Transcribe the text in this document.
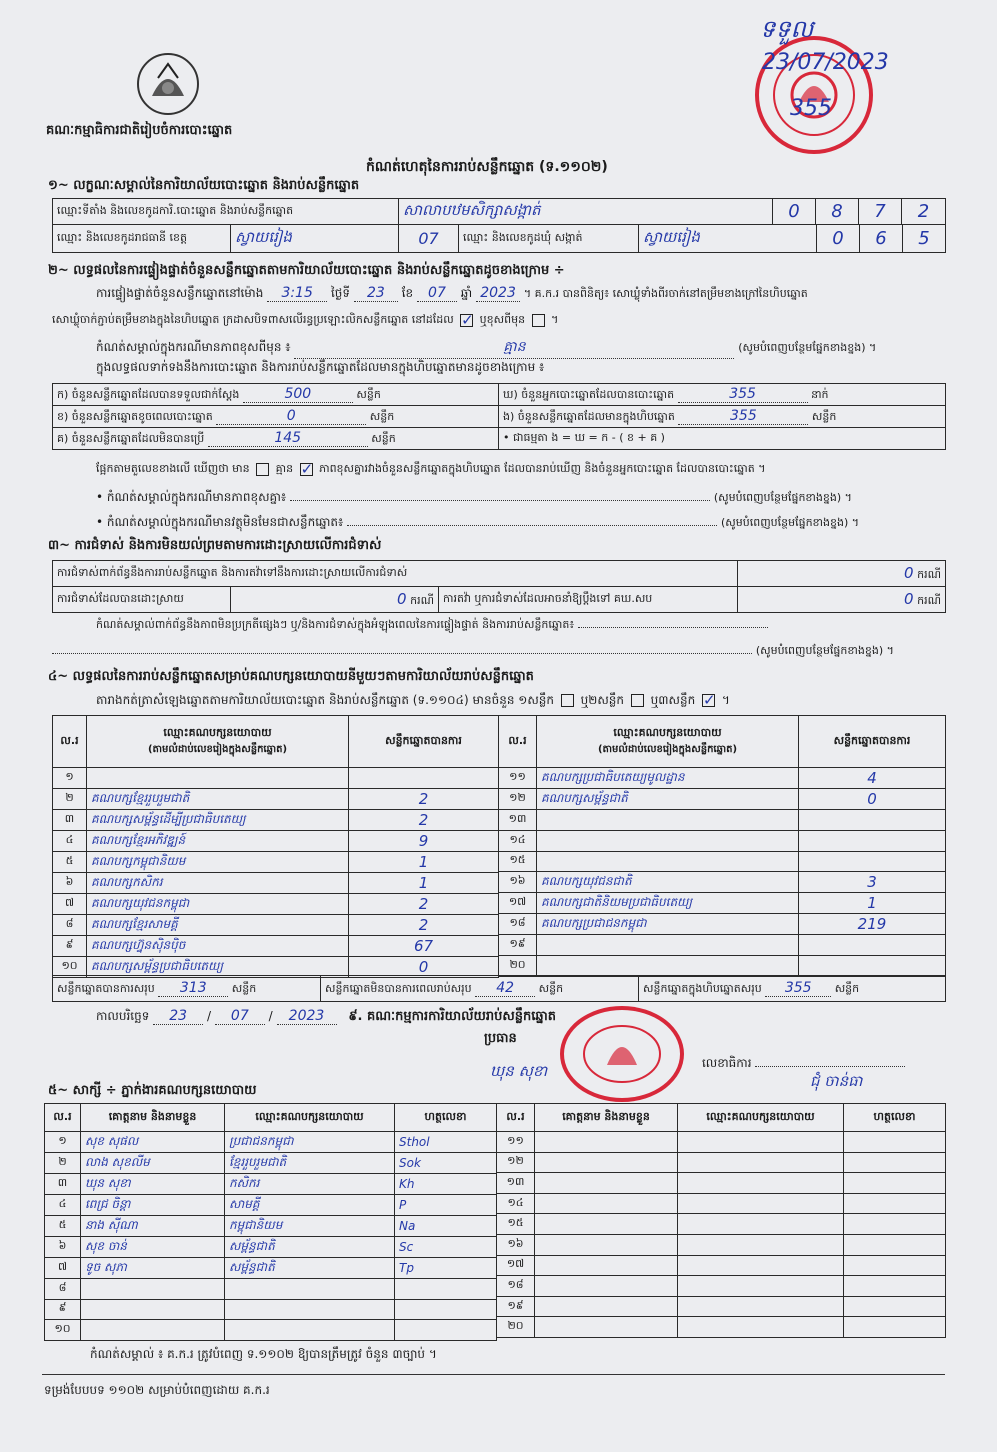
គណៈកម្មាធិការជាតិរៀបចំការបោះឆ្នោត
ទទួល
23/07/2023
355
កំណត់ហេតុនៃការរាប់សន្លឹកឆ្នោត (ទ.១១០២)
១~ លក្ខណៈសម្គាល់នៃការិយាល័យបោះឆ្នោត និងរាប់សន្លឹកឆ្នោត
ឈ្មោះទីតាំង និងលេខកូដការិ.បោះឆ្នោត និងរាប់សន្លឹកឆ្នោត	សាលាបឋមសិក្សាសង្កាត់	0	8	7	2
ឈ្មោះ និងលេខកូដរាជធានី ខេត្ត	ស្វាយរៀង	07	ឈ្មោះ និងលេខកូដឃុំ សង្កាត់	ស្វាយរៀង	0	6	5
២~ លទ្ធផលនៃការផ្ទៀងផ្ទាត់ចំនួនសន្លឹកឆ្នោតតាមការិយាល័យបោះឆ្នោត និងរាប់សន្លឹកឆ្នោតដូចខាងក្រោម ÷
ការផ្ទៀងផ្ទាត់ចំនួនសន្លឹកឆ្នោតនៅម៉ោង 3:15 ថ្ងៃទី 23 ខែ 07 ឆ្នាំ 2023 ។ គ.ក.រ បានពិនិត្យ៖ សោឃ្លុំទាំងពីរចាក់នៅតម្រឹមខាងក្រៅនៃហិបឆ្នោត
សោឃ្លុំចាក់ភ្ជាប់តម្រឹមខាងក្នុងនៃហិបឆ្នោត ក្រដាសបិទពាសលើរន្ធប្រឡោះលិកសន្លឹកឆ្នោត នៅដដែល ✓ ឬខុសពីមុន ។
កំណត់សម្គាល់ក្នុងករណីមានភាពខុសពីមុន ៖	គ្មាន	(សូមបំពេញបន្ថែមផ្នែកខាងខ្នង) ។
ក្នុងលទ្ធផលទាក់ទងនឹងការបោះឆ្នោត និងការរាប់សន្លឹកឆ្នោតដែលមានក្នុងហិបឆ្នោតមានដូចខាងក្រោម ៖
ក) ចំនួនសន្លឹកឆ្នោតដែលបានទទួលជាក់ស្តែង 500 សន្លឹក	ឃ) ចំនួនអ្នកបោះឆ្នោតដែលបានបោះឆ្នោត 355 នាក់
ខ) ចំនួនសន្លឹកឆ្នោតខូចពេលបោះឆ្នោត 0 សន្លឹក	ង) ចំនួនសន្លឹកឆ្នោតដែលមានក្នុងហិបឆ្នោត 355 សន្លឹក
គ) ចំនួនសន្លឹកឆ្នោតដែលមិនបានប្រើ 145 សន្លឹក	• ជាធម្មតា ង = ឃ = ក - ( ខ + គ )
ផ្អែកតាមតួលេខខាងលើ ឃើញថា មាន គ្មាន ✓ ភាពខុសគ្នារវាងចំនួនសន្លឹកឆ្នោតក្នុងហិបឆ្នោត ដែលបានរាប់ឃើញ និងចំនួនអ្នកបោះឆ្នោត ដែលបានបោះឆ្នោត ។
• កំណត់សម្គាល់ក្នុងករណីមានភាពខុសគ្នា៖	(សូមបំពេញបន្ថែមផ្នែកខាងខ្នង) ។
• កំណត់សម្គាល់ក្នុងករណីមានវត្ថុមិនមែនជាសន្លឹកឆ្នោត៖	(សូមបំពេញបន្ថែមផ្នែកខាងខ្នង) ។
៣~ ការជំទាស់ និងការមិនយល់ព្រមតាមការដោះស្រាយលើការជំទាស់
ការជំទាស់ពាក់ព័ន្ធនឹងការរាប់សន្លឹកឆ្នោត និងការតវ៉ាទៅនឹងការដោះស្រាយលើការជំទាស់	0 ករណី
ការជំទាស់ដែលបានដោះស្រាយ	0 ករណី	ការតវ៉ា ឬការជំទាស់ដែលអាចនាំឱ្យប្តឹងទៅ គឃ.សប	0 ករណី
កំណត់សម្គាល់ពាក់ព័ន្ធនឹងភាពមិនប្រក្រតីផ្សេងៗ ឬ/និងការជំទាស់ក្នុងអំឡុងពេលនៃការផ្ទៀងផ្ទាត់ និងការរាប់សន្លឹកឆ្នោត៖
(សូមបំពេញបន្ថែមផ្នែកខាងខ្នង) ។
៤~ លទ្ធផលនៃការរាប់សន្លឹកឆ្នោតសម្រាប់គណបក្សនយោបាយនីមួយៗតាមការិយាល័យរាប់សន្លឹកឆ្នោត
តារាងកត់ត្រាសំឡេងឆ្នោតតាមការិយាល័យបោះឆ្នោត និងរាប់សន្លឹកឆ្នោត (ទ.១១០៤) មានចំនួន ១សន្លឹក ឬ២សន្លឹក ឬ៣សន្លឹក ✓ ។
ល.រ	ឈ្មោះគណបក្សនយោបាយ
(តាមលំដាប់លេខរៀងក្នុងសន្លឹកឆ្នោត)	សន្លឹកឆ្នោតបានការ
១		
២	គណបក្សខ្មែររួបរួមជាតិ	2
៣	គណបក្សសម្ព័ន្ធដើម្បីប្រជាធិបតេយ្យ	2
៤	គណបក្សខ្មែរអភិវឌ្ឍន៍	9
៥	គណបក្សកម្ពុជានិយម	1
៦	គណបក្សកសិករ	1
៧	គណបក្សយុវជនកម្ពុជា	2
៨	គណបក្សខ្មែរសាមគ្គី	2
៩	គណបក្សហ្វ៊ុនស៊ិនប៉ិច	67
១០	គណបក្សសម្ព័ន្ធប្រជាធិបតេយ្យ	0
ល.រ	ឈ្មោះគណបក្សនយោបាយ
(តាមលំដាប់លេខរៀងក្នុងសន្លឹកឆ្នោត)	សន្លឹកឆ្នោតបានការ
១១	គណបក្សប្រជាធិបតេយ្យមូលដ្ឋាន	4
១២	គណបក្សសម្ព័ន្ធជាតិ	0
១៣		
១៤		
១៥		
១៦	គណបក្សយុវជនជាតិ	3
១៧	គណបក្សជាតិនិយមប្រជាធិបតេយ្យ	1
១៨	គណបក្សប្រជាជនកម្ពុជា	219
១៩		
២០		
សន្លឹកឆ្នោតបានការសរុប 313 សន្លឹក	សន្លឹកឆ្នោតមិនបានការពេលរាប់សរុប 42 សន្លឹក	សន្លឹកឆ្នោតក្នុងហិបឆ្នោតសរុប 355 សន្លឹក
កាលបរិច្ឆេទ 23 / 07 / 2023 ៩. គណៈកម្មការការិយាល័យរាប់សន្លឹកឆ្នោត
ប្រធាន
ឃុន សុខា	លេខាធិការ
ជុំ ចាន់ធា
៥~ សាក្សី ÷ ភ្នាក់ងារគណបក្សនយោបាយ
ល.រ	គោត្តនាម និងនាមខ្លួន	ឈ្មោះគណបក្សនយោបាយ	ហត្ថលេខា
១	សុខ សុផល	ប្រជាជនកម្ពុជា	Sthol
២	លាង សុខលីម	ខ្មែររួបរួមជាតិ	Sok
៣	ឃុន សុខា	កសិករ	Kh
៤	ពេជ្រ ចិន្តា	សាមគ្គី	P
៥	នាង ស៊ីណា	កម្ពុជានិយម	Na
៦	សុខ ចាន់	សម្ព័ន្ធជាតិ	Sc
៧	ទូច សុភា	សម្ព័ន្ធជាតិ	Tp
៨			
៩			
១០			
ល.រ	គោត្តនាម និងនាមខ្លួន	ឈ្មោះគណបក្សនយោបាយ	ហត្ថលេខា
១១			
១២			
១៣			
១៤			
១៥			
១៦			
១៧			
១៨			
១៩			
២០			
កំណត់សម្គាល់ ៖ គ.ក.រ ត្រូវបំពេញ ទ.១១០២ ឱ្យបានត្រឹមត្រូវ ចំនួន ៣ច្បាប់ ។
ទម្រង់បែបបទ ១១០២ សម្រាប់បំពេញដោយ គ.ក.រ
